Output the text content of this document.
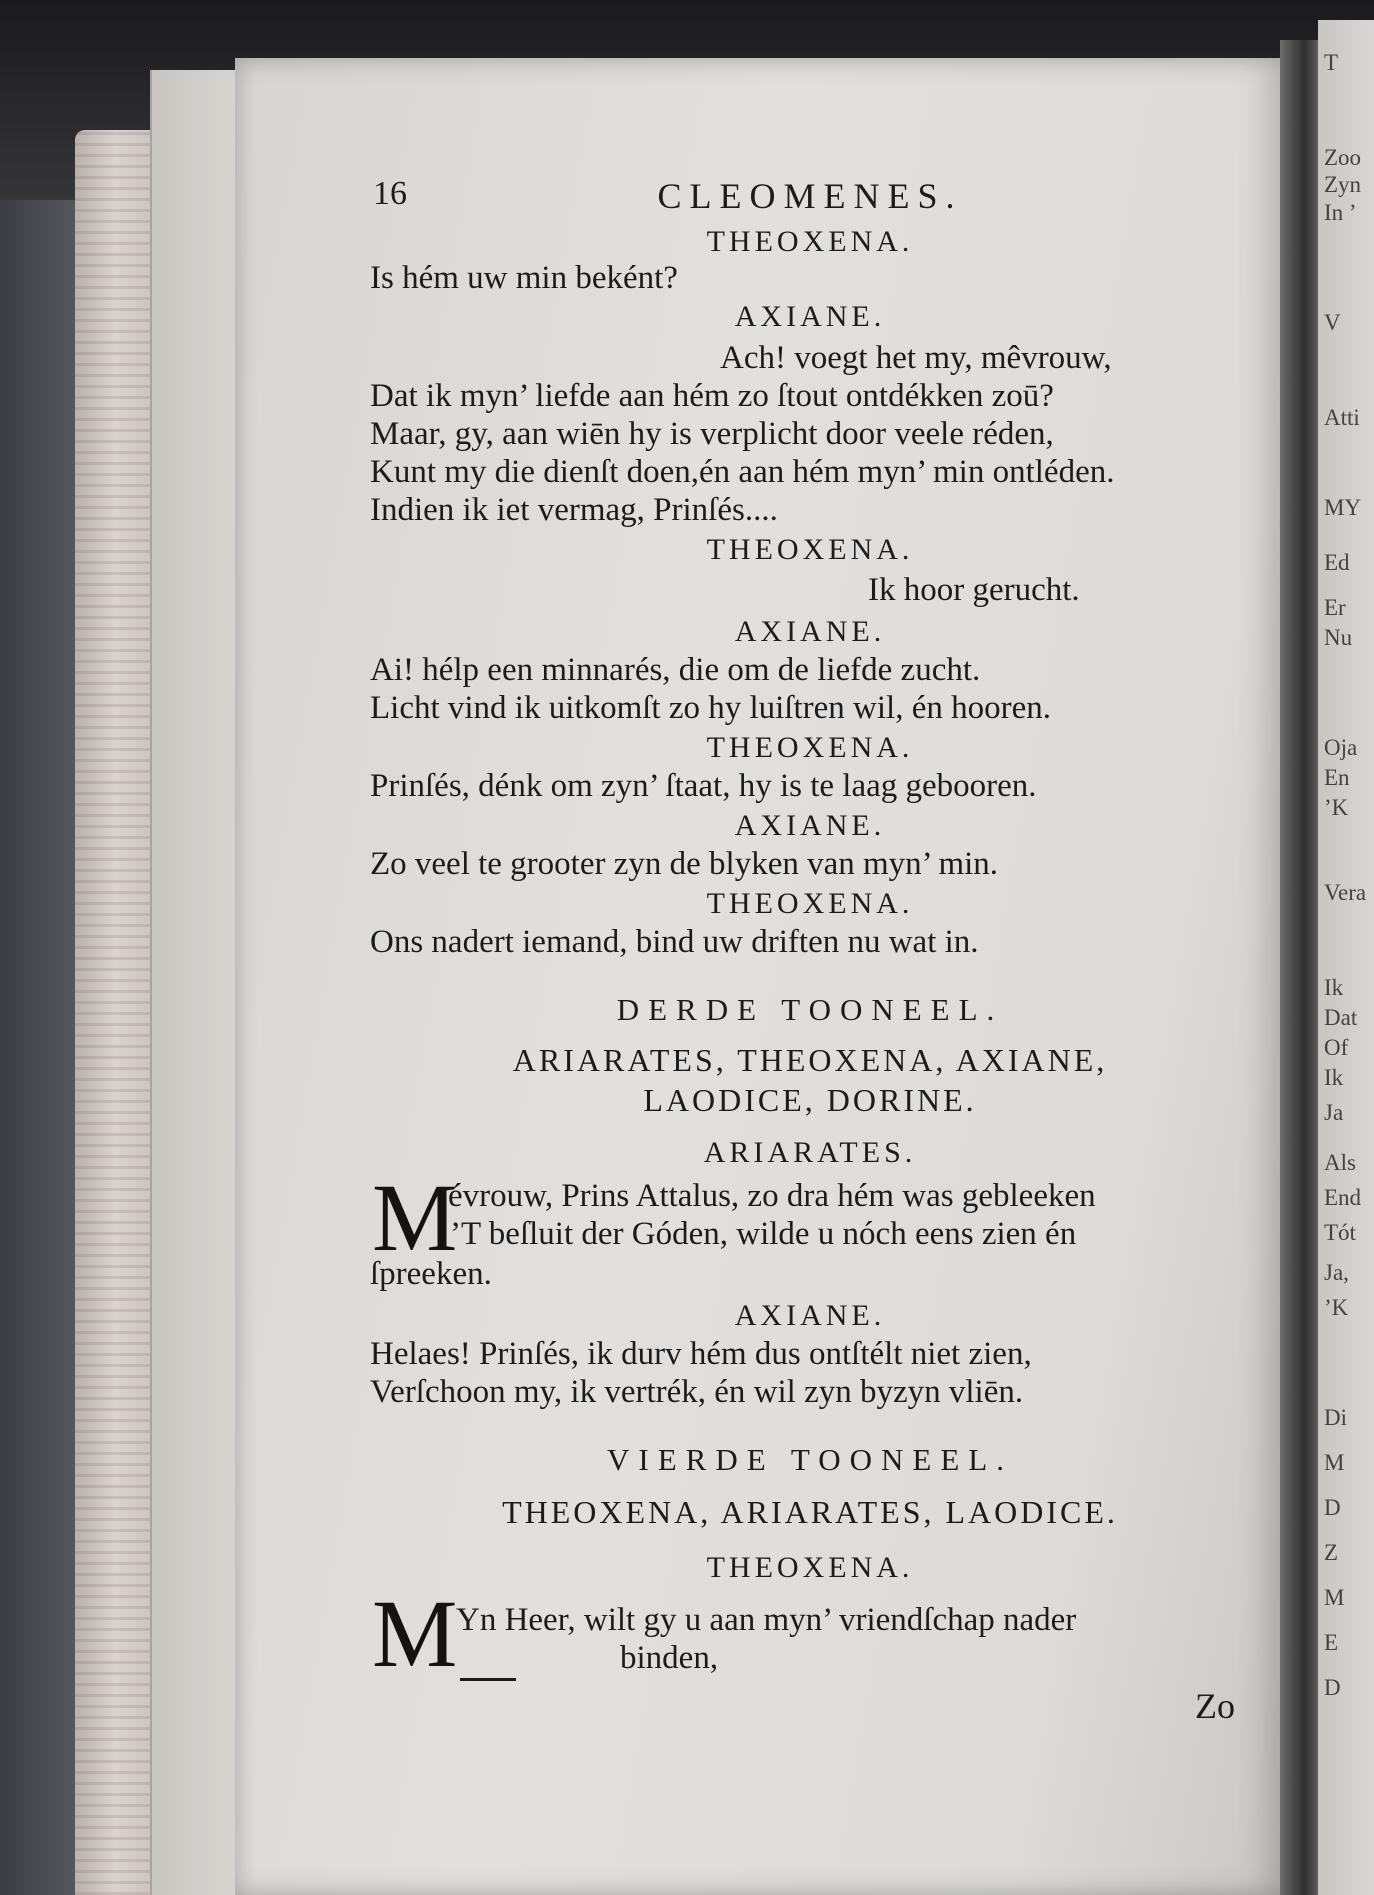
T
Zoo
Zyn
In ’
V
Atti
MY
Ed
Er
Nu
Oja
En
’K
Vera
Ik
Dat
Of
Ik
Ja
Als
End
Tót
Ja,
’K
Di
M
D
Z
M
E
D
16	CLEOMENES.
THEOXENA.
Is hém uw min beként?
AXIANE.
Ach! voegt het my, mêvrouw,
Dat ik myn’ liefde aan hém zo ſtout ontdékken zoū?
Maar, gy, aan wiēn hy is verplicht door veele réden,
Kunt my die dienſt doen,én aan hém myn’ min ontléden.
Indien ik iet vermag, Prinſés....
THEOXENA.
Ik hoor gerucht.
AXIANE.
Ai! hélp een minnarés, die om de liefde zucht.
Licht vind ik uitkomſt zo hy luiſtren wil, én hooren.
THEOXENA.
Prinſés, dénk om zyn’ ſtaat, hy is te laag gebooren.
AXIANE.
Zo veel te grooter zyn de blyken van myn’ min.
THEOXENA.
Ons nadert iemand, bind uw driften nu wat in.
DERDE TOONEEL.
ARIARATES, THEOXENA, AXIANE,
LAODICE, DORINE.
ARIARATES.
M
évrouw, Prins Attalus, zo dra hém was gebleeken
’T beſluit der Góden, wilde u nóch eens zien én
ſpreeken.
AXIANE.
Helaes! Prinſés, ik durv hém dus ontſtélt niet zien,
Verſchoon my, ik vertrék, én wil zyn byzyn vliēn.
VIERDE TOONEEL.
THEOXENA, ARIARATES, LAODICE.
THEOXENA.
M
Yn Heer, wilt gy u aan myn’ vriendſchap nader
binden,
Zo
